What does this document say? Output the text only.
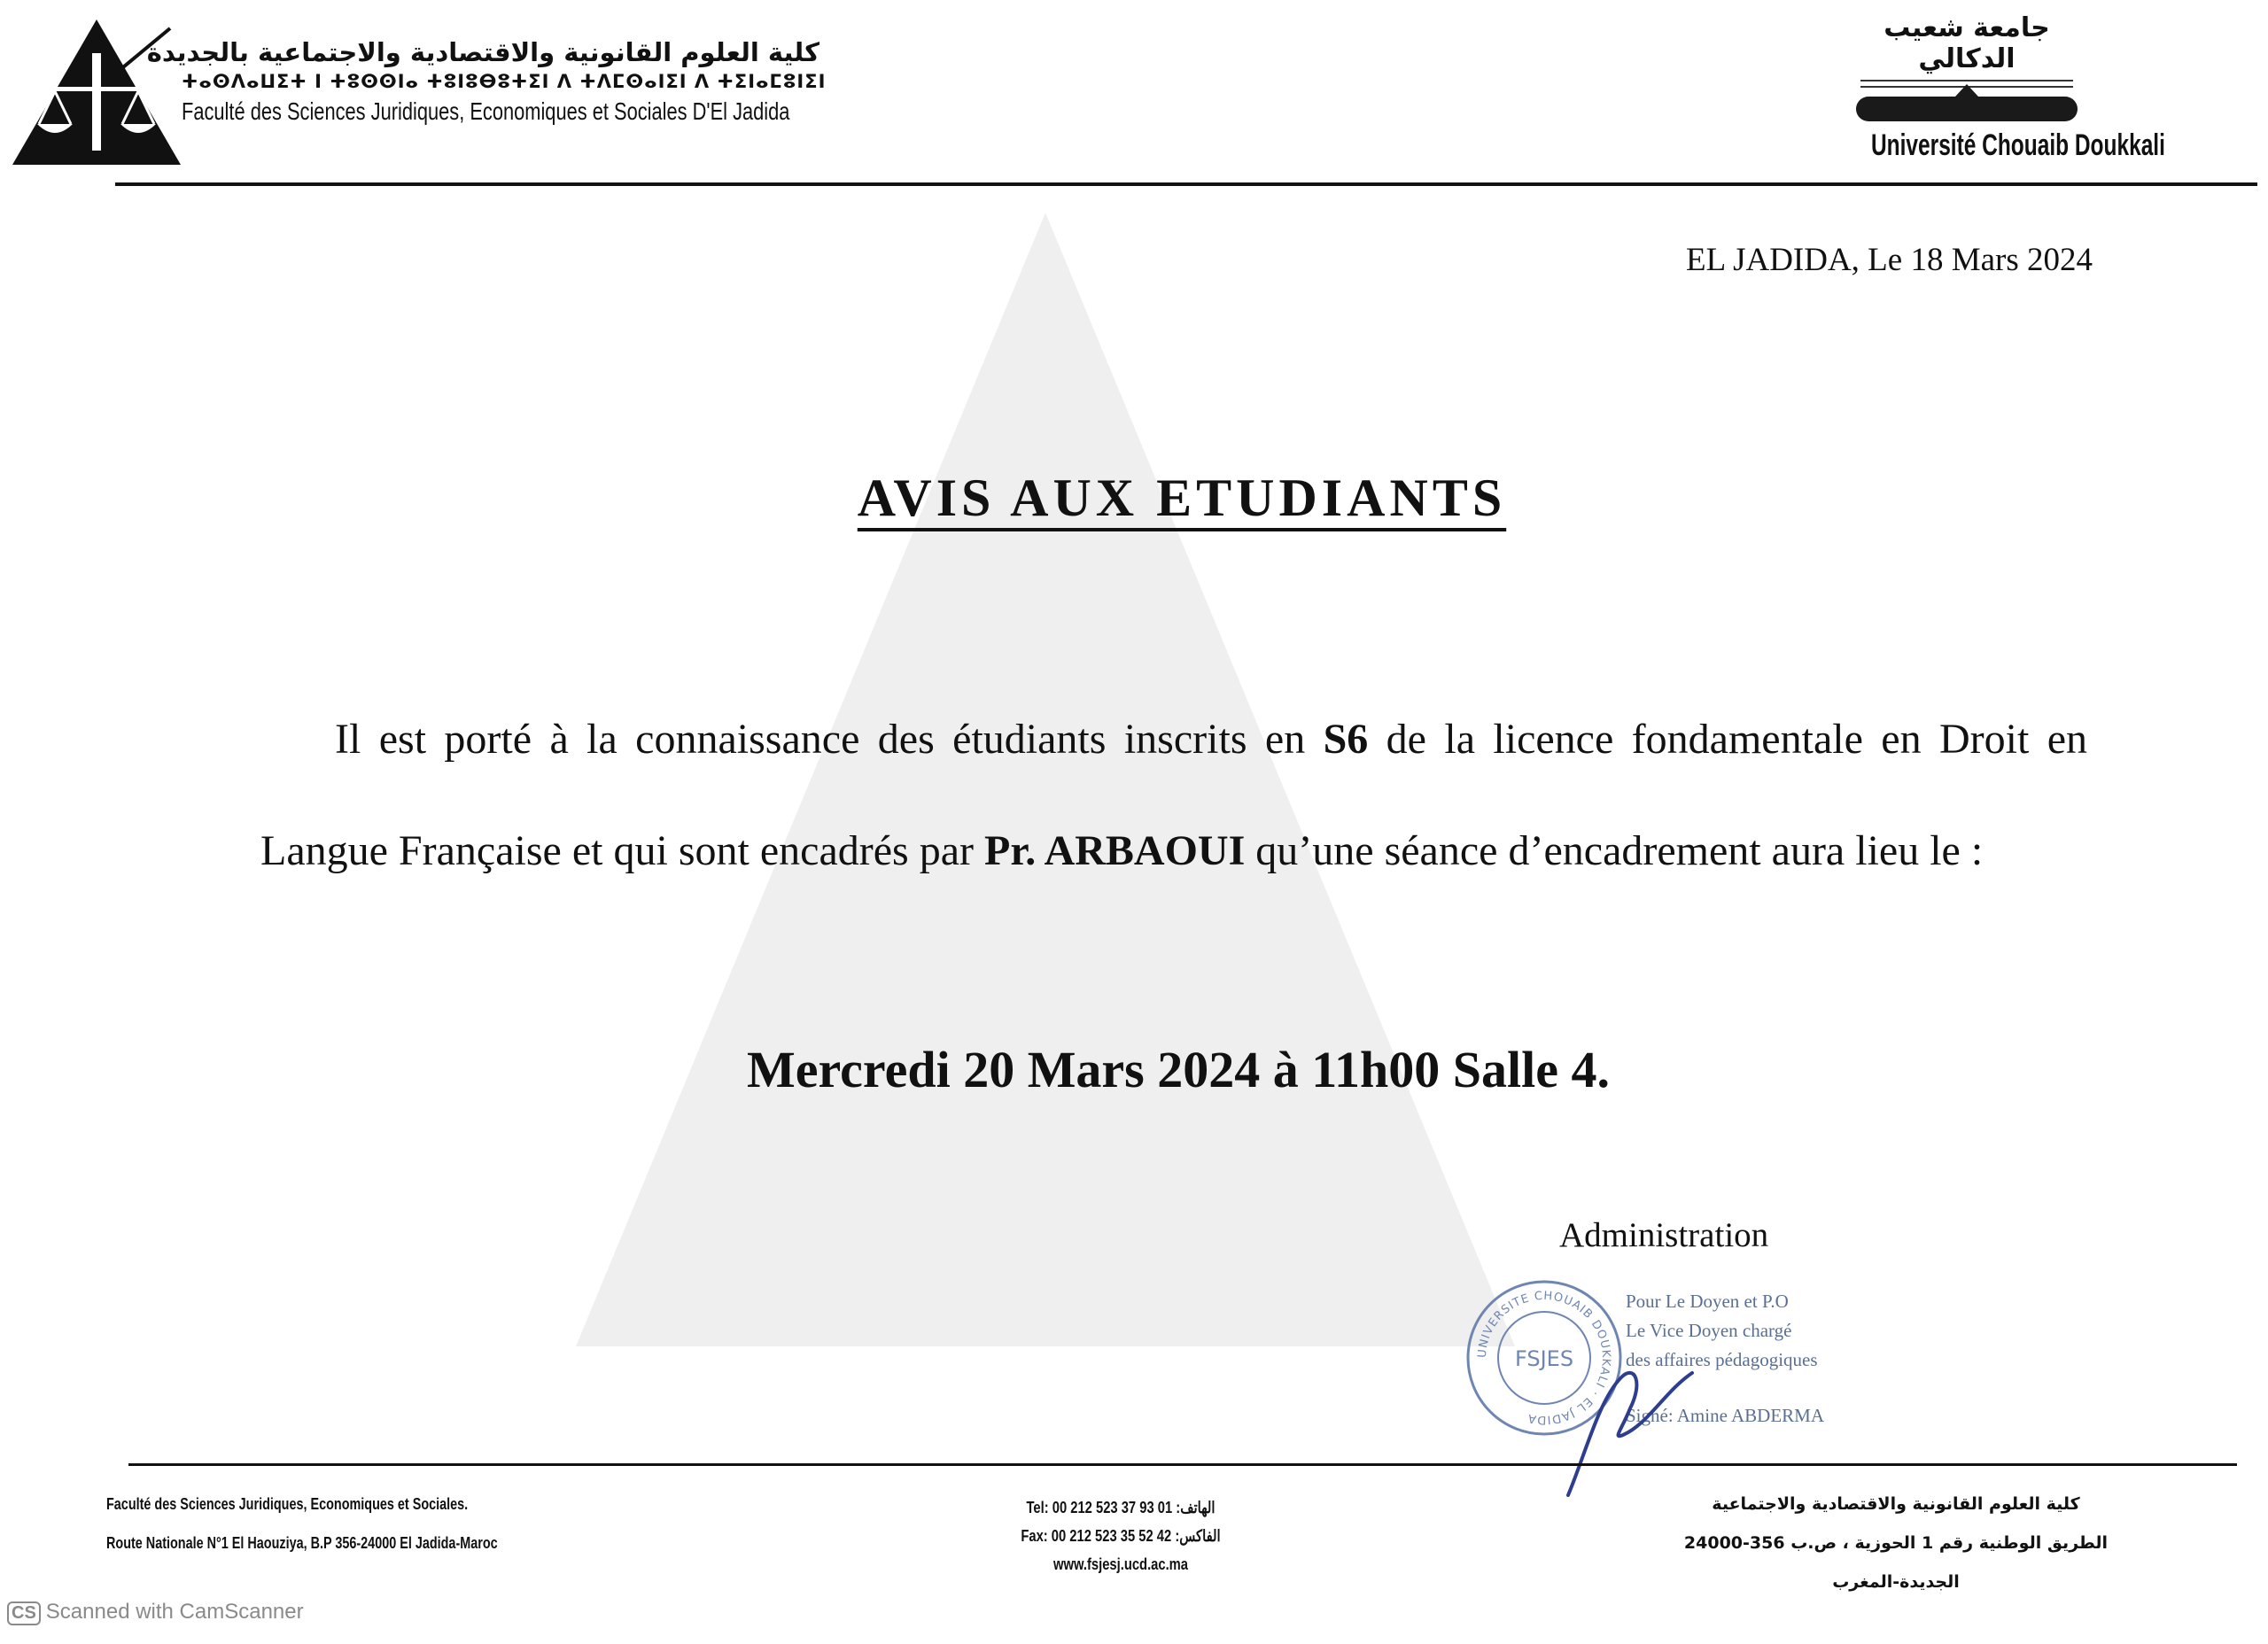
كلية العلوم القانونية والاقتصادية والاجتماعية بالجديدة
ⵜⴰⵙⴷⴰⵡⵉⵜ ⵏ ⵜⵓⵙⵙⵏⴰ ⵜⵓⵏⵓⴱⵓⵜⵉⵏ ⴷ ⵜⴷⵎⵙⴰⵏⵉⵏ ⴷ ⵜⵉⵏⴰⵎⵓⵏⵉⵏ
Faculté des Sciences Juridiques, Economiques et Sociales D'El Jadida
جامعة شعيب الدكالي
Université Chouaib Doukkali
EL JADIDA, Le 18 Mars 2024
AVIS AUX ETUDIANTS

Il est porté à la connaissance des étudiants inscrits en S6 de la licence fondamentale en Droit en Langue Française et qui sont encadrés par Pr. ARBAOUI qu’une séance d’encadrement aura lieu le :

Mercredi 20 Mars 2024 à 11h00 Salle 4.
Administration
UNIVERSITE CHOUAIB DOUKKALI · EL JADIDA
FSJES
Pour Le Doyen et P.O
Le Vice Doyen chargé
des affaires pédagogiques
Signé: Amine ABDERMA
Faculté des Sciences Juridiques, Economiques et Sociales.
Route Nationale N°1 El Haouziya, B.P 356-24000 El Jadida-Maroc
Tel: 00 212 523 37 93 01 :الهاتف
Fax: 00 212 523 35 52 42 :الفاكس
www.fsjesj.ucd.ac.ma
كلية العلوم القانونية والاقتصادية والاجتماعية
الطريق الوطنية رقم 1 الحوزية ، ص.ب 356-24000 الجديدة-المغرب
CS Scanned with CamScanner
